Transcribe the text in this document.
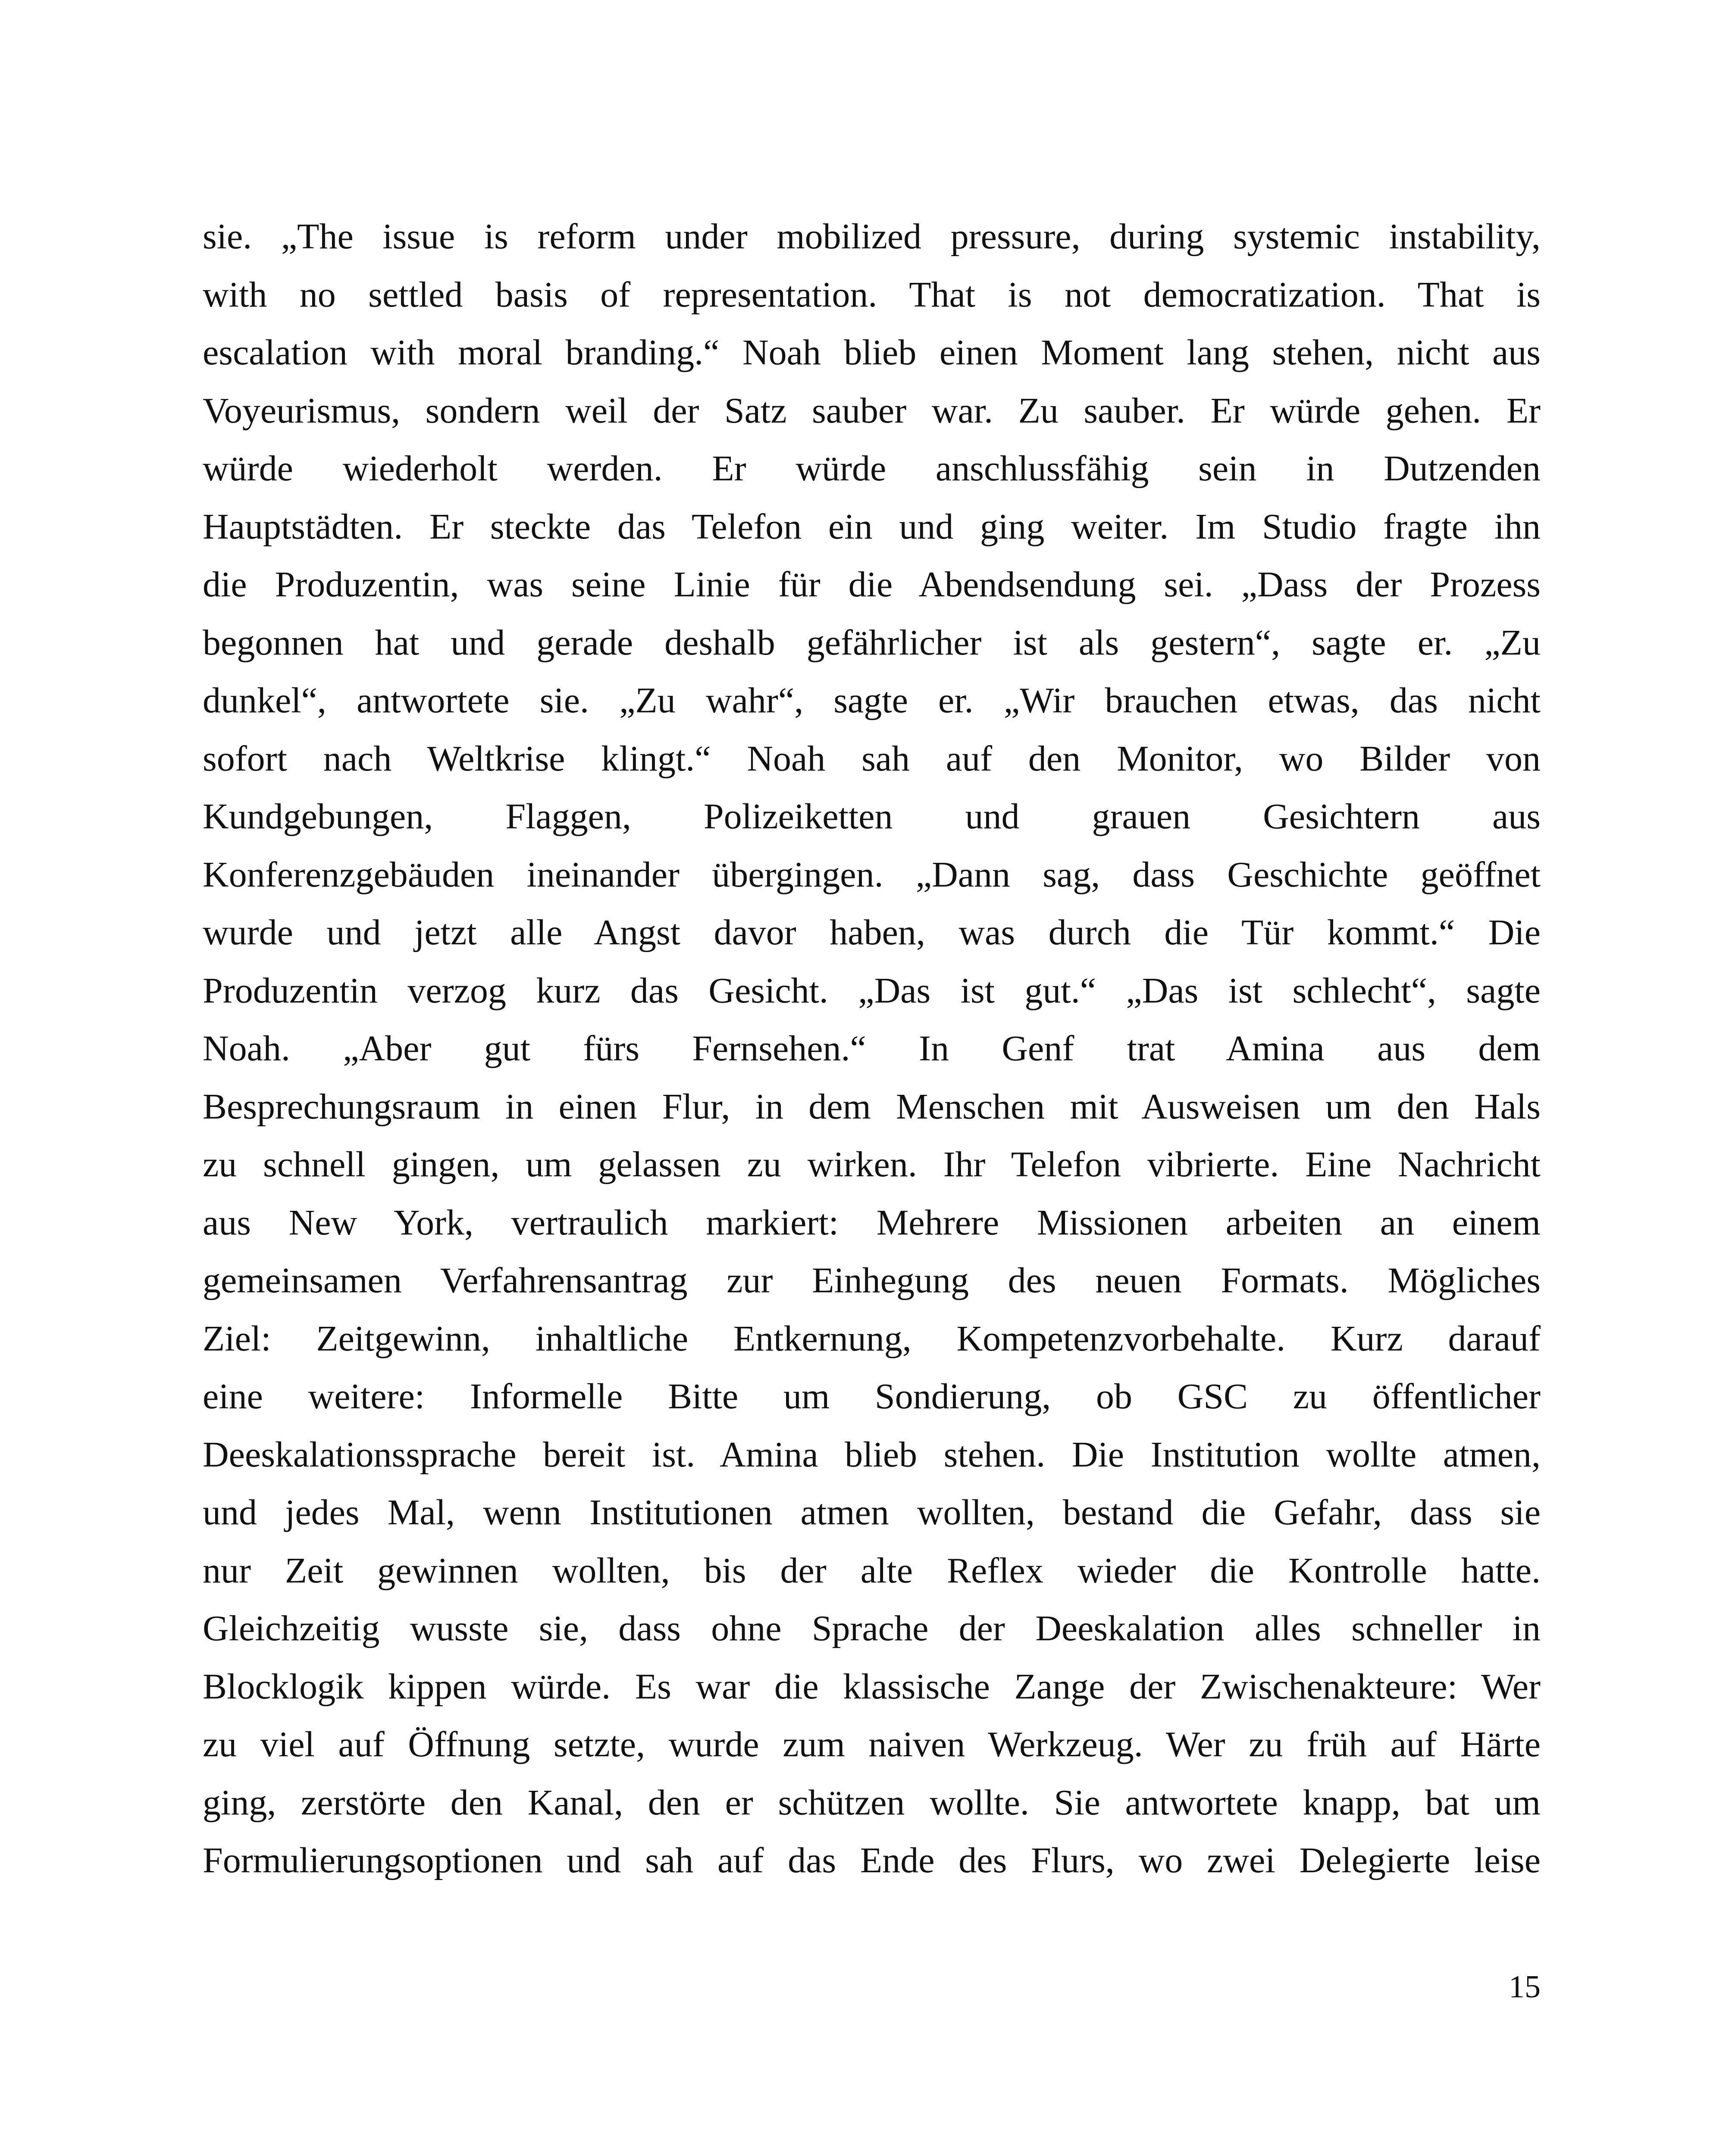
sie. „The issue is reform under mobilized pressure, during systemic instability,
with no settled basis of representation. That is not democratization. That is
escalation with moral branding.“ Noah blieb einen Moment lang stehen, nicht aus
Voyeurismus, sondern weil der Satz sauber war. Zu sauber. Er würde gehen. Er
würde wiederholt werden. Er würde anschlussfähig sein in Dutzenden
Hauptstädten. Er steckte das Telefon ein und ging weiter. Im Studio fragte ihn
die Produzentin, was seine Linie für die Abendsendung sei. „Dass der Prozess
begonnen hat und gerade deshalb gefährlicher ist als gestern“, sagte er. „Zu
dunkel“, antwortete sie. „Zu wahr“, sagte er. „Wir brauchen etwas, das nicht
sofort nach Weltkrise klingt.“ Noah sah auf den Monitor, wo Bilder von
Kundgebungen, Flaggen, Polizeiketten und grauen Gesichtern aus
Konferenzgebäuden ineinander übergingen. „Dann sag, dass Geschichte geöffnet
wurde und jetzt alle Angst davor haben, was durch die Tür kommt.“ Die
Produzentin verzog kurz das Gesicht. „Das ist gut.“ „Das ist schlecht“, sagte
Noah. „Aber gut fürs Fernsehen.“ In Genf trat Amina aus dem
Besprechungsraum in einen Flur, in dem Menschen mit Ausweisen um den Hals
zu schnell gingen, um gelassen zu wirken. Ihr Telefon vibrierte. Eine Nachricht
aus New York, vertraulich markiert: Mehrere Missionen arbeiten an einem
gemeinsamen Verfahrensantrag zur Einhegung des neuen Formats. Mögliches
Ziel: Zeitgewinn, inhaltliche Entkernung, Kompetenzvorbehalte. Kurz darauf
eine weitere: Informelle Bitte um Sondierung, ob GSC zu öffentlicher
Deeskalationssprache bereit ist. Amina blieb stehen. Die Institution wollte atmen,
und jedes Mal, wenn Institutionen atmen wollten, bestand die Gefahr, dass sie
nur Zeit gewinnen wollten, bis der alte Reflex wieder die Kontrolle hatte.
Gleichzeitig wusste sie, dass ohne Sprache der Deeskalation alles schneller in
Blocklogik kippen würde. Es war die klassische Zange der Zwischenakteure: Wer
zu viel auf Öffnung setzte, wurde zum naiven Werkzeug. Wer zu früh auf Härte
ging, zerstörte den Kanal, den er schützen wollte. Sie antwortete knapp, bat um
Formulierungsoptionen und sah auf das Ende des Flurs, wo zwei Delegierte leise
15
